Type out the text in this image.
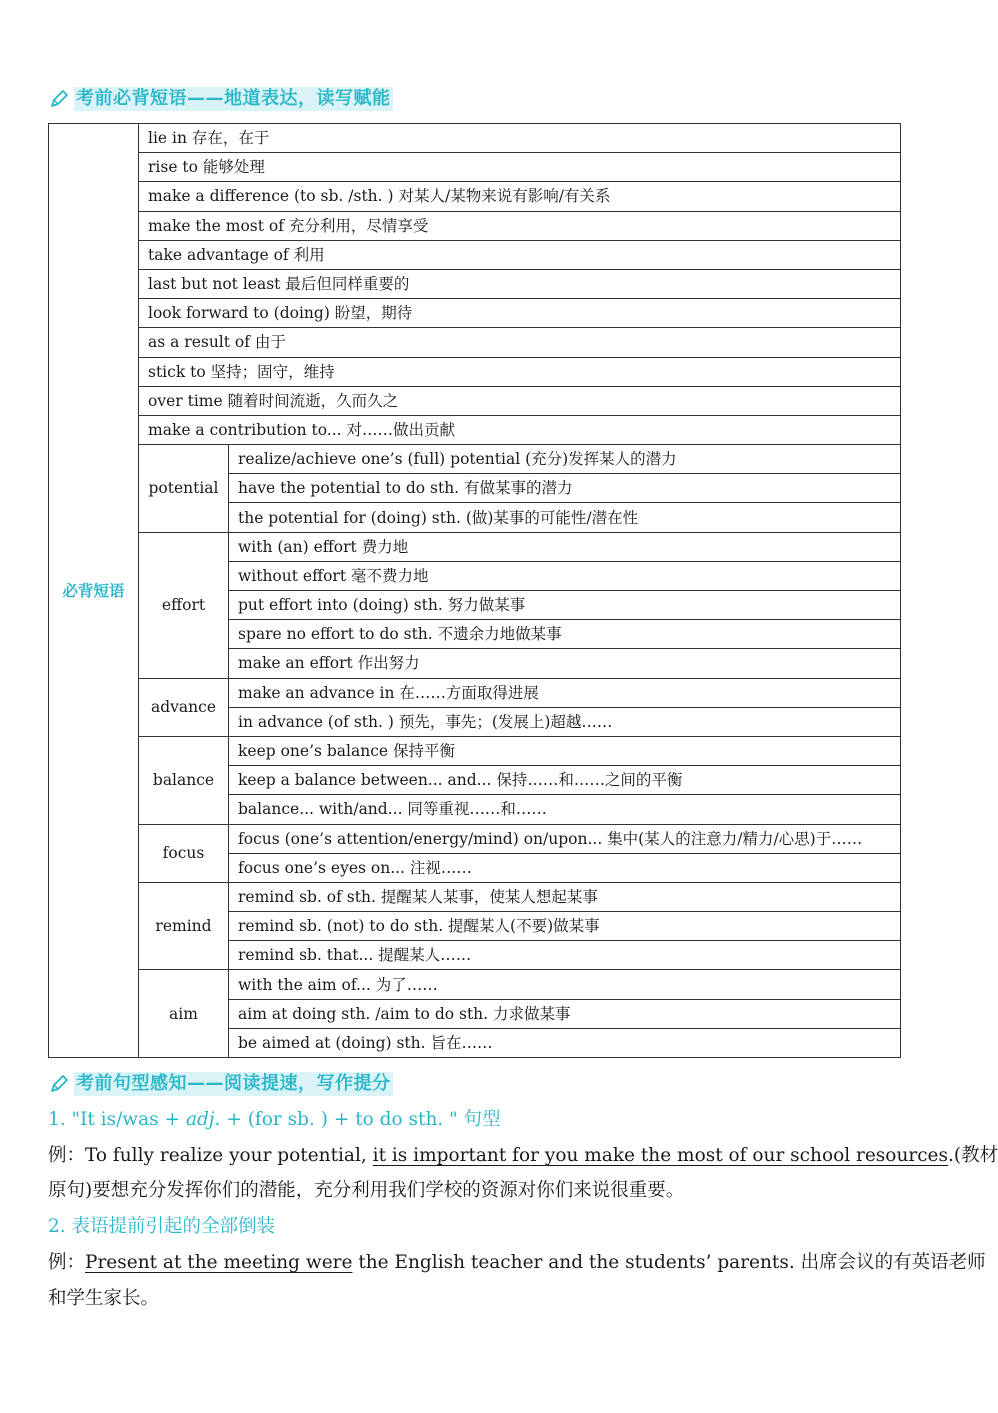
考前必背短语——地道表达，读写赋能
必背短语	lie in 存在，在于	
	rise to 能够处理	
	make a difference (to sb. /sth. ) 对某人/某物来说有影响/有关系	
	make the most of 充分利用，尽情享受	
	take advantage of 利用	
	last but not least 最后但同样重要的	
	look forward to (doing) 盼望，期待	
	as a result of 由于	
	stick to 坚持；固守，维持	
	over time 随着时间流逝，久而久之	
	make a contribution to... 对……做出贡献	
	potential	realize/achieve one’s (full) potential (充分)发挥某人的潜力
		have the potential to do sth. 有做某事的潜力
		the potential for (doing) sth. (做)某事的可能性/潜在性
	effort	with (an) effort 费力地
		without effort 毫不费力地
		put effort into (doing) sth. 努力做某事
		spare no effort to do sth. 不遗余力地做某事
		make an effort 作出努力
	advance	make an advance in 在……方面取得进展
		in advance (of sth. ) 预先，事先；(发展上)超越……
	balance	keep one’s balance 保持平衡
		keep a balance between... and... 保持……和……之间的平衡
		balance... with/and... 同等重视……和……
	focus	focus (one’s attention/energy/mind) on/upon... 集中(某人的注意力/精力/心思)于……
		focus one’s eyes on... 注视……
	remind	remind sb. of sth. 提醒某人某事，使某人想起某事
		remind sb. (not) to do sth. 提醒某人(不要)做某事
		remind sb. that... 提醒某人……
	aim	with the aim of... 为了……
		aim at doing sth. /aim to do sth. 力求做某事
		be aimed at (doing) sth. 旨在……
考前句型感知——阅读提速，写作提分
1. "It is/was + adj. + (for sb. ) + to do sth. " 句型
例：To fully realize your potential, it is important for you make the most of our school resources.(教材
原句)要想充分发挥你们的潜能，充分利用我们学校的资源对你们来说很重要。
2. 表语提前引起的全部倒装
例：Present at the meeting were the English teacher and the students’ parents. 出席会议的有英语老师
和学生家长。
